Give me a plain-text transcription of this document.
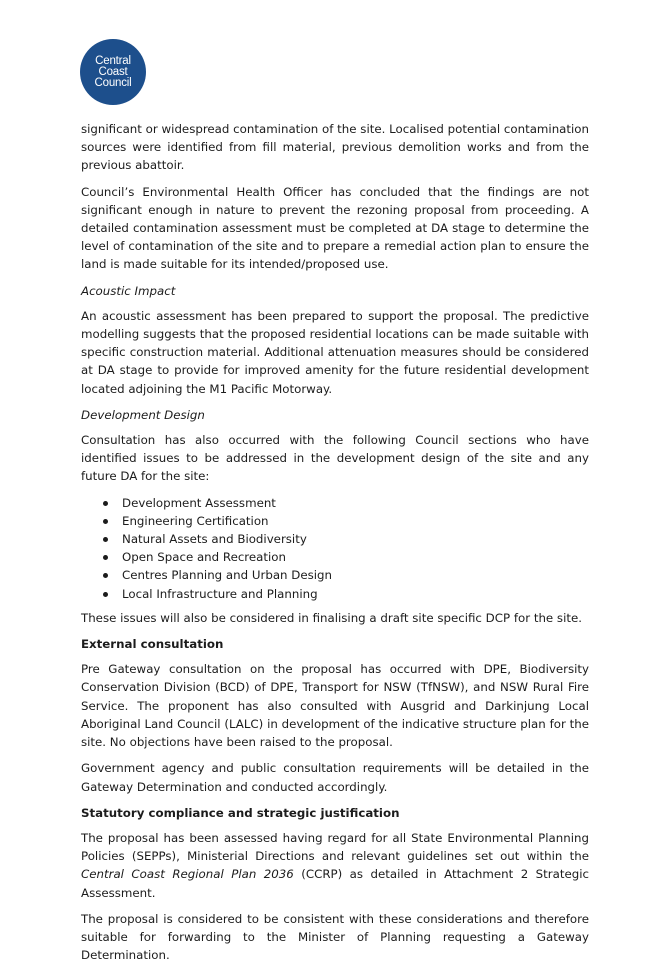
Central
Coast
Council

significant or widespread contamination of the site. Localised potential contamination sources were identified from fill material, previous demolition works and from the previous abattoir.

Council’s Environmental Health Officer has concluded that the findings are not significant enough in nature to prevent the rezoning proposal from proceeding. A detailed contamination assessment must be completed at DA stage to determine the level of contamination of the site and to prepare a remedial action plan to ensure the land is made suitable for its intended/proposed use.

Acoustic Impact

An acoustic assessment has been prepared to support the proposal. The predictive modelling suggests that the proposed residential locations can be made suitable with specific construction material. Additional attenuation measures should be considered at DA stage to provide for improved amenity for the future residential development located adjoining the M1 Pacific Motorway.

Development Design

Consultation has also occurred with the following Council sections who have identified issues to be addressed in the development design of the site and any future DA for the site:

Development Assessment
Engineering Certification
Natural Assets and Biodiversity
Open Space and Recreation
Centres Planning and Urban Design
Local Infrastructure and Planning

These issues will also be considered in finalising a draft site specific DCP for the site.

External consultation

Pre Gateway consultation on the proposal has occurred with DPE, Biodiversity Conservation Division (BCD) of DPE, Transport for NSW (TfNSW), and NSW Rural Fire Service. The proponent has also consulted with Ausgrid and Darkinjung Local Aboriginal Land Council (LALC) in development of the indicative structure plan for the site. No objections have been raised to the proposal.

Government agency and public consultation requirements will be detailed in the Gateway Determination and conducted accordingly.

Statutory compliance and strategic justification

The proposal has been assessed having regard for all State Environmental Planning Policies (SEPPs), Ministerial Directions and relevant guidelines set out within the Central Coast Regional Plan 2036 (CCRP) as detailed in Attachment 2 Strategic Assessment.

The proposal is considered to be consistent with these considerations and therefore suitable for forwarding to the Minister of Planning requesting a Gateway Determination.
